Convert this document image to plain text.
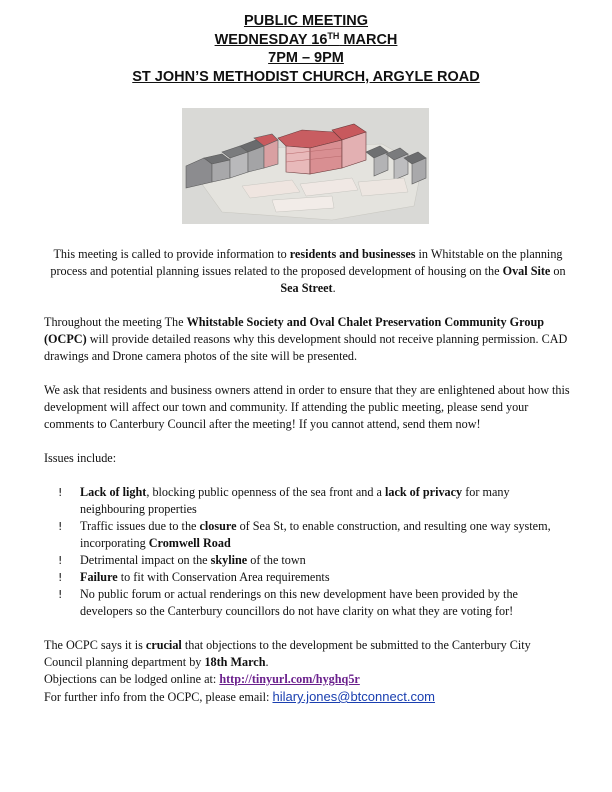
PUBLIC MEETING
WEDNESDAY 16TH MARCH
7PM – 9PM
ST JOHN’S METHODIST CHURCH, ARGYLE ROAD

This meeting is called to provide information to residents and businesses in Whitstable on the planning process and potential planning issues related to the proposed development of housing on the Oval Site on Sea Street.

Throughout the meeting The Whitstable Society and Oval Chalet Preservation Community Group (OCPC) will provide detailed reasons why this development should not receive planning permission. CAD drawings and Drone camera photos of the site will be presented.

We ask that residents and business owners attend in order to ensure that they are enlightened about how this development will affect our town and community. If attending the public meeting, please send your comments to Canterbury Council after the meeting! If you cannot attend, send them now!

Issues include:

! Lack of light, blocking public openness of the sea front and a lack of privacy for many neighbouring properties
! Traffic issues due to the closure of Sea St, to enable construction, and resulting one way system, incorporating Cromwell Road
! Detrimental impact on the skyline of the town
! Failure to fit with Conservation Area requirements
! No public forum or actual renderings on this new development have been provided by the developers so the Canterbury councillors do not have clarity on what they are voting for!

The OCPC says it is crucial that objections to the development be submitted to the Canterbury City Council planning department by 18th March.

Objections can be lodged online at: http://tinyurl.com/hyghq5r

For further info from the OCPC, please email: hilary.jones@btconnect.com
